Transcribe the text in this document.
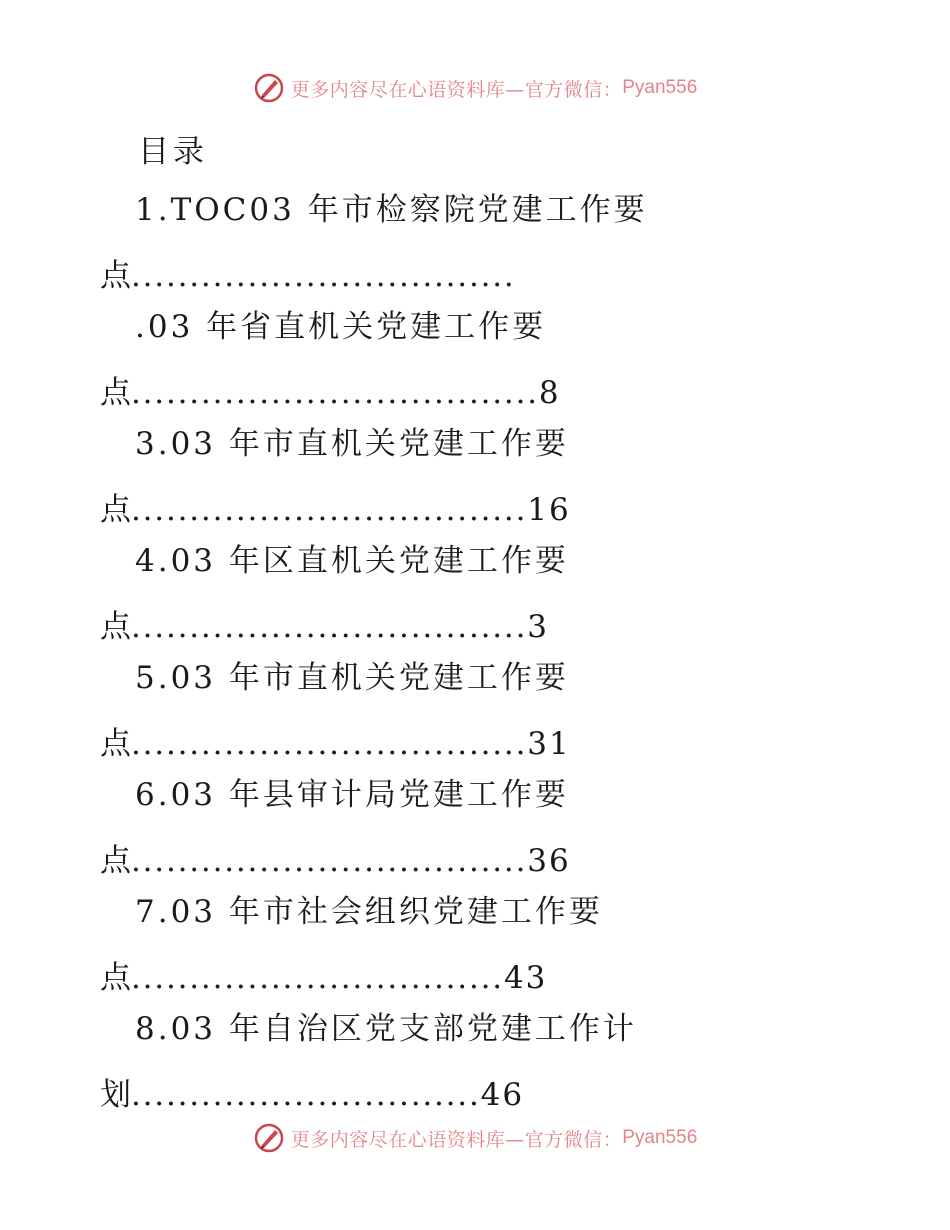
更多内容尽在心语资料库—官方微信： Pyan556
目录
1.TOC03 年市检察院党建工作要
点.................................
.03 年省直机关党建工作要
点...................................8
3.03 年市直机关党建工作要
点..................................16
4.03 年区直机关党建工作要
点..................................3
5.03 年市直机关党建工作要
点..................................31
6.03 年县审计局党建工作要
点..................................36
7.03 年市社会组织党建工作要
点................................43
8.03 年自治区党支部党建工作计
划..............................46
更多内容尽在心语资料库—官方微信： Pyan556
